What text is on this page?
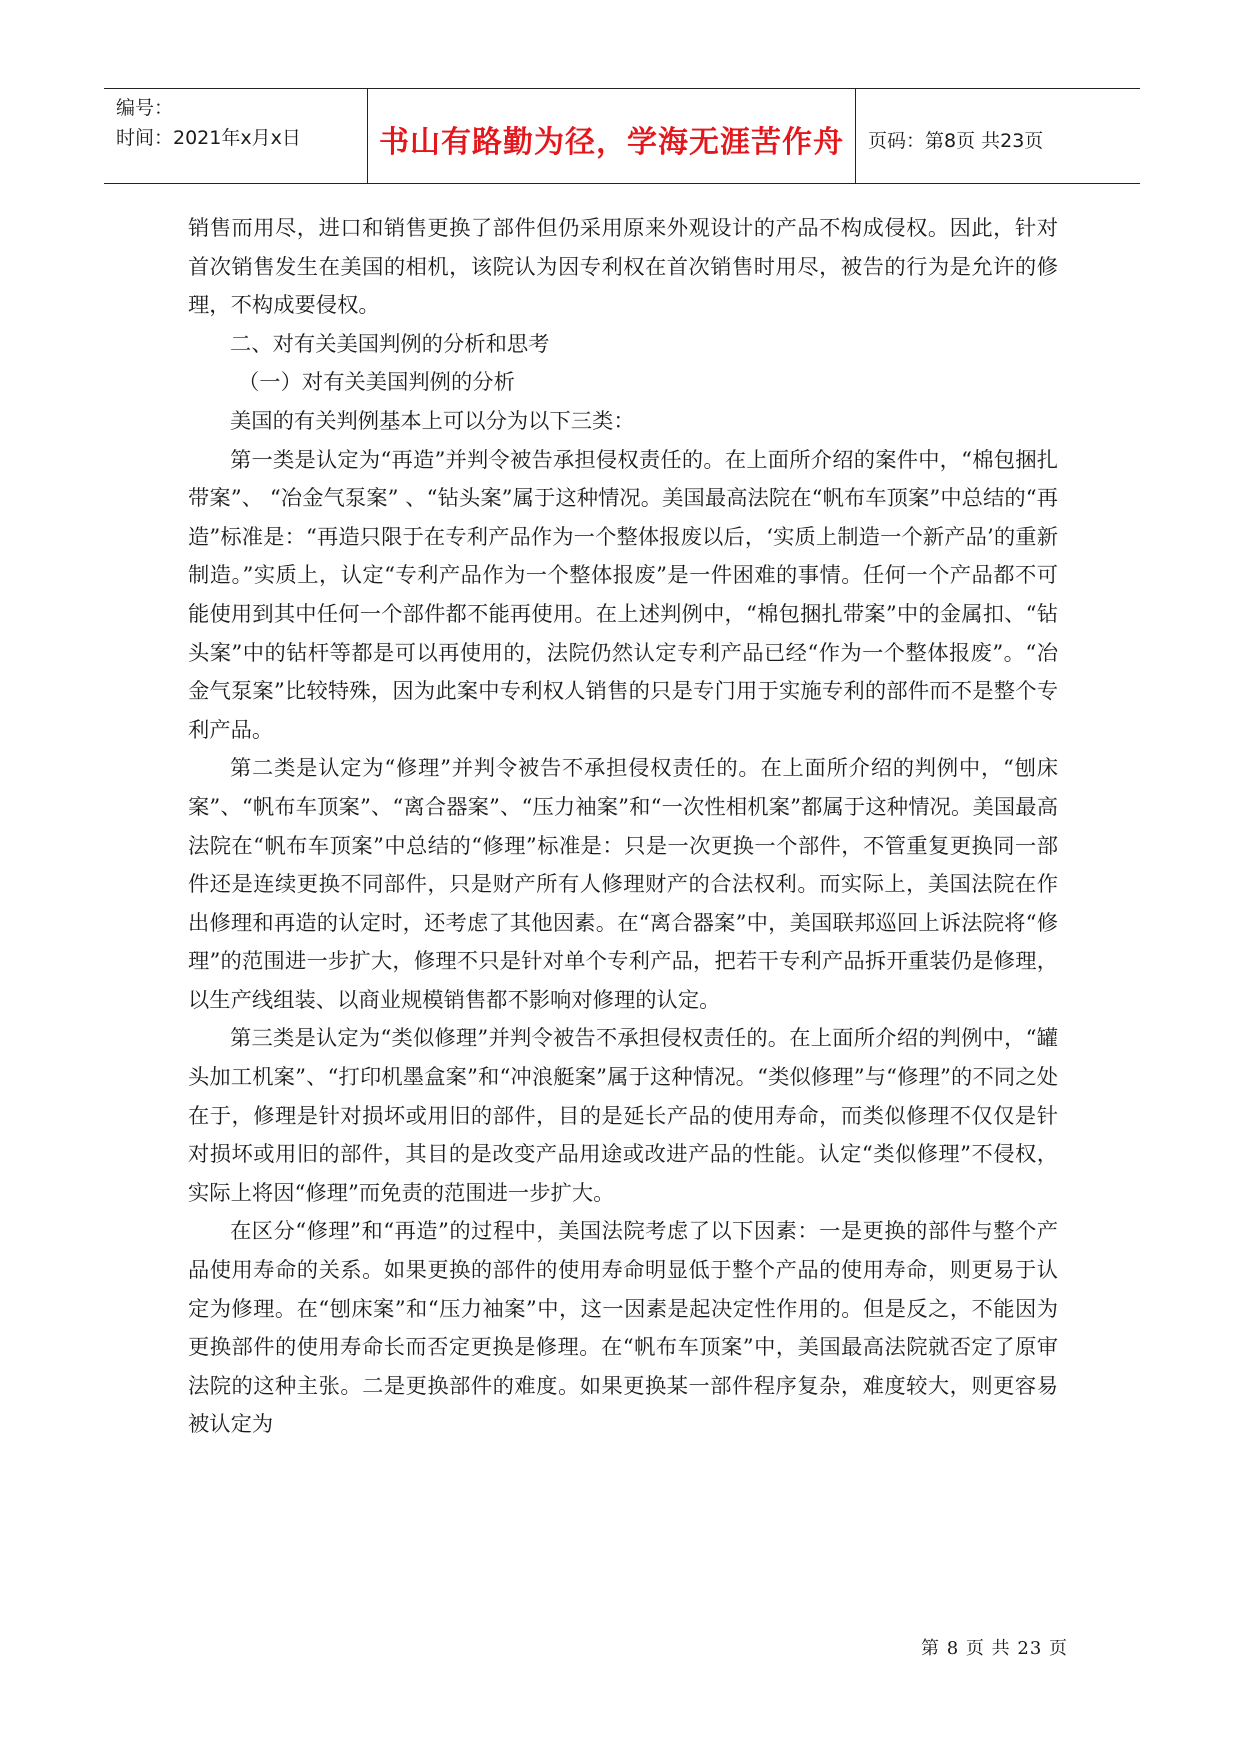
编号：
时间：2021年x月x日	书山有路勤为径，学海无涯苦作舟 页码：第8页 共23页

销售而用尽，进口和销售更换了部件但仍采用原来外观设计的产品不构成侵权。因此，针对首次销售发生在美国的相机，该院认为因专利权在首次销售时用尽，被告的行为是允许的修理，不构成要侵权。

二、对有关美国判例的分析和思考

（一）对有关美国判例的分析

美国的有关判例基本上可以分为以下三类：

第一类是认定为“再造”并判令被告承担侵权责任的。在上面所介绍的案件中，“棉包捆扎带案”、 “冶金气泵案” 、“钻头案”属于这种情况。美国最高法院在“帆布车顶案”中总结的“再造”标准是：“再造只限于在专利产品作为一个整体报废以后，‘实质上制造一个新产品’的重新制造。”实质上，认定“专利产品作为一个整体报废”是一件困难的事情。任何一个产品都不可能使用到其中任何一个部件都不能再使用。在上述判例中，“棉包捆扎带案”中的金属扣、“钻头案”中的钻杆等都是可以再使用的，法院仍然认定专利产品已经“作为一个整体报废”。“冶金气泵案”比较特殊，因为此案中专利权人销售的只是专门用于实施专利的部件而不是整个专利产品。

第二类是认定为“修理”并判令被告不承担侵权责任的。在上面所介绍的判例中，“刨床案”、“帆布车顶案”、“离合器案”、“压力袖案”和“一次性相机案”都属于这种情况。美国最高法院在“帆布车顶案”中总结的“修理”标准是：只是一次更换一个部件，不管重复更换同一部件还是连续更换不同部件，只是财产所有人修理财产的合法权利。而实际上，美国法院在作出修理和再造的认定时，还考虑了其他因素。在“离合器案”中，美国联邦巡回上诉法院将“修理”的范围进一步扩大，修理不只是针对单个专利产品，把若干专利产品拆开重装仍是修理，以生产线组装、以商业规模销售都不影响对修理的认定。

第三类是认定为“类似修理”并判令被告不承担侵权责任的。在上面所介绍的判例中，“罐头加工机案”、“打印机墨盒案”和“冲浪艇案”属于这种情况。“类似修理”与“修理”的不同之处在于，修理是针对损坏或用旧的部件，目的是延长产品的使用寿命，而类似修理不仅仅是针对损坏或用旧的部件，其目的是改变产品用途或改进产品的性能。认定“类似修理”不侵权，实际上将因“修理”而免责的范围进一步扩大。

在区分“修理”和“再造”的过程中，美国法院考虑了以下因素：一是更换的部件与整个产品使用寿命的关系。如果更换的部件的使用寿命明显低于整个产品的使用寿命，则更易于认定为修理。在“刨床案”和“压力袖案”中，这一因素是起决定性作用的。但是反之，不能因为更换部件的使用寿命长而否定更换是修理。在“帆布车顶案”中，美国最高法院就否定了原审法院的这种主张。二是更换部件的难度。如果更换某一部件程序复杂，难度较大，则更容易被认定为

第 8 页 共 23 页
